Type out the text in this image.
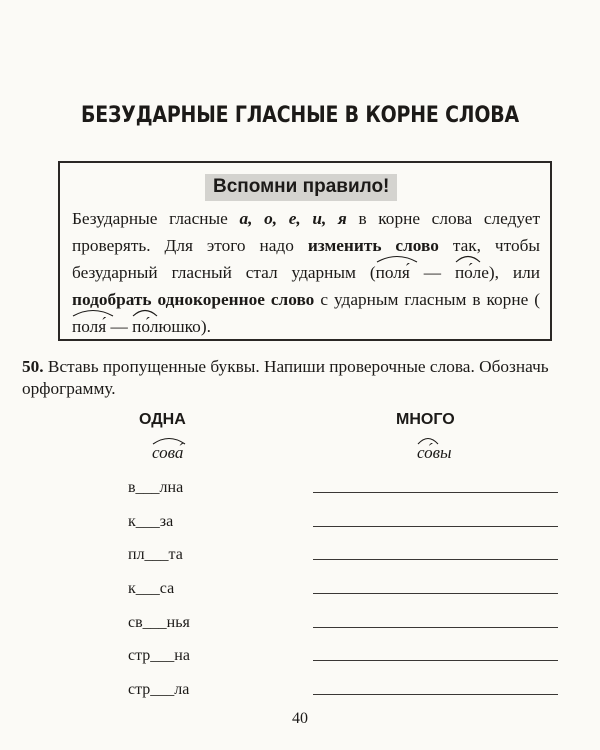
БЕЗУДАРНЫЕ ГЛАСНЫЕ В КОРНЕ СЛОВА
Вспомни правило!
Безударные гласные а, о, е, и, я в корне слова следует проверять. Для этого надо изменить слово так, чтобы безударный гласный стал ударным (
поля́ —
по́ле), или подобрать однокоренное слово с ударным гласным в корне (
поля́ —
по́люшко).
50. Вставь пропущенные буквы. Напиши проверочные слова. Обозначь орфограмму.
ОДНА	МНОГО
сова́	со́вы
в___лна
к___за
пл___та
к___са
св___нья
стр___на
стр___ла
40
